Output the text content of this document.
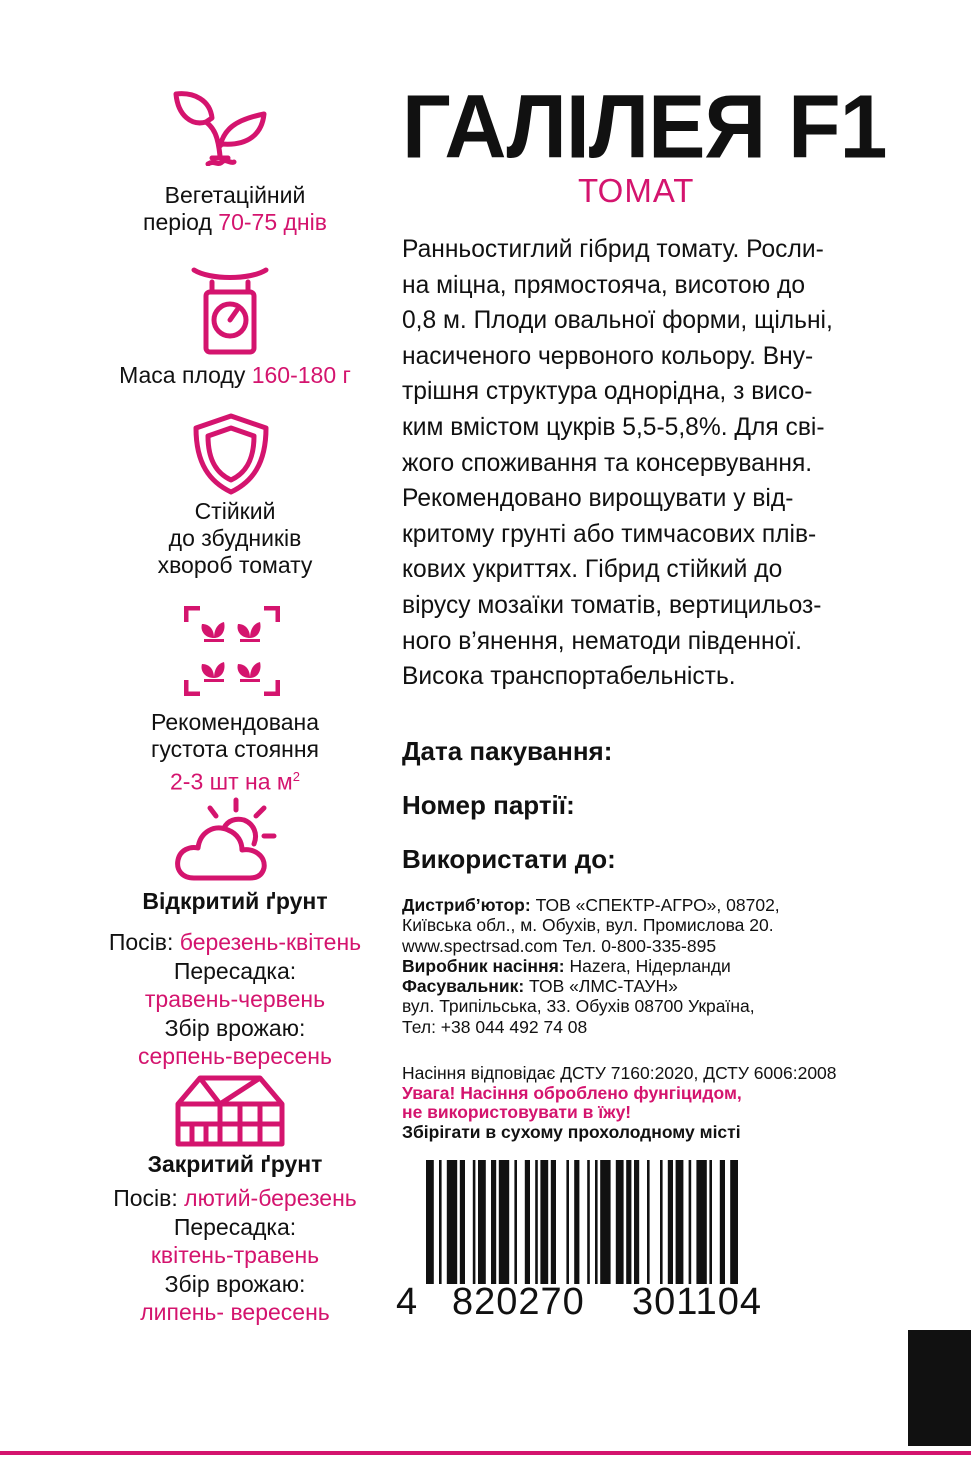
Вегетаційний
період 70-75 днів
Маса плоду 160-180 г
Стійкий
до збудників
хвороб томату
Рекомендована
густота стояння
2-3 шт на $м^2$
Відкритий ґрунт
Посів: березень-квітень
Пересадка:
травень-червень
Збір врожаю:
серпень-вересень
Закритий ґрунт
Посів: лютий-березень
Пересадка:
квітень-травень
Збір врожаю:
липень- вересень
ГАЛІЛЕЯ F1
ТОМАТ
Ранньостиглий гібрид томату. Росли-
на міцна, прямостояча, висотою до
0,8 м. Плоди овальної форми, щільні,
насиченого червоного кольору. Вну-
трішня структура однорідна, з висо-
ким вмістом цукрів 5,5-5,8%. Для сві-
жого споживання та консервування.
Рекомендовано вирощувати у від-
критому грунті або тимчасових плів-
кових укриттях. Гібрид стійкий до
вірусу мозаїки томатів, вертицильоз-
ного в’янення, нематоди південної.
Висока транспортабельність.
Дата пакування:
Номер партії:
Використати до:
Дистриб’ютор: ТОВ «СПЕКТР-АГРО», 08702,
Київська обл., м. Обухів, вул. Промислова 20.
www.spectrsad.com Тел. 0-800-335-895
Виробник насіння: Hazera, Нідерланди
Фасувальник: ТОВ «ЛМС-ТАУН»
вул. Трипільська, 33. Обухів 08700 Україна,
Тел: +38 044 492 74 08
Насіння відповідає ДСТУ 7160:2020, ДСТУ 6006:2008
Увага! Насіння оброблено фунгіцидом,
не використовувати в їжу!
Збірігати в сухому прохолодному місті
4 820270 301104
